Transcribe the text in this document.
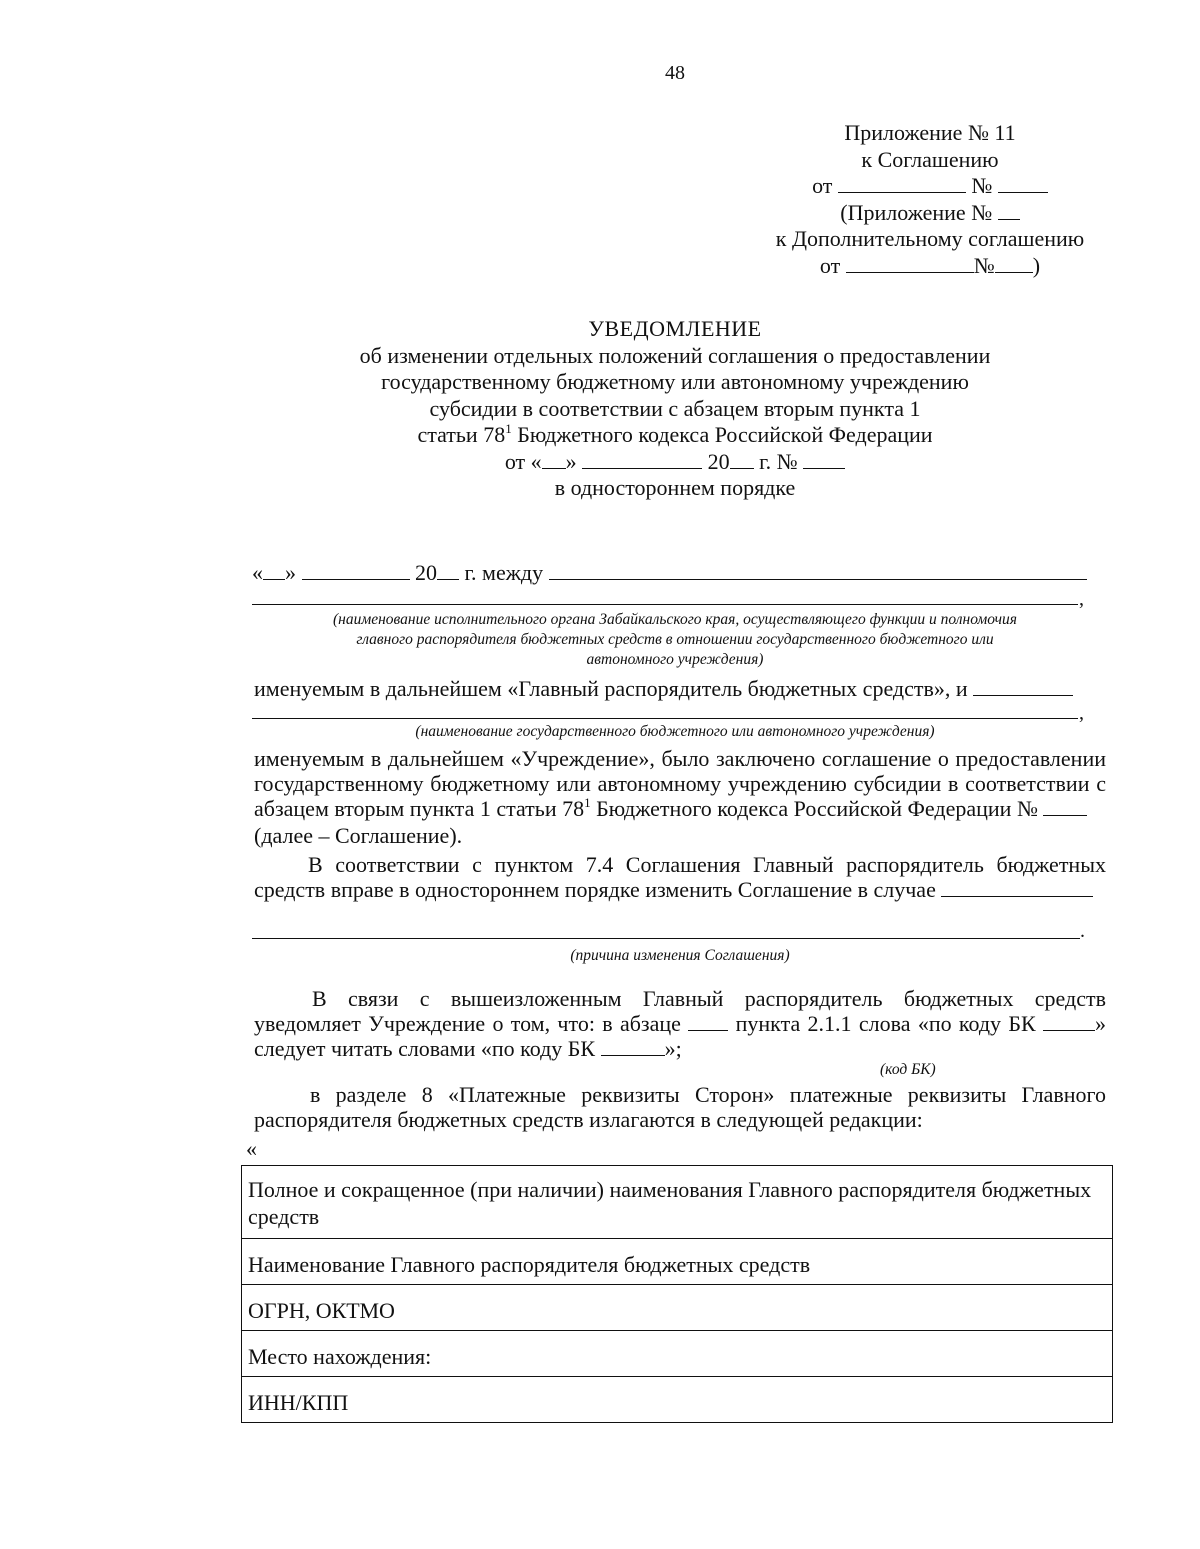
48
Приложение № 11
к Соглашению
от	№
(Приложение №
к Дополнительному соглашению
от	№ )
УВЕДОМЛЕНИЕ
об изменении отдельных положений соглашения о предоставлении
государственному бюджетному или автономному учреждению
субсидии в соответствии с абзацем вторым пункта 1
статьи $78^1$ Бюджетного кодекса Российской Федерации
от « »	20 г. №
в одностороннем порядке
« »	20 г. между
,
(наименование исполнительного органа Забайкальского края, осуществляющего функции и полномочия
главного распорядителя бюджетных средств в отношении государственного бюджетного или
автономного учреждения)
именуемым в дальнейшем «Главный распорядитель бюджетных средств», и
,
(наименование государственного бюджетного или автономного учреждения)
именуемым в дальнейшем «Учреждение», было заключено соглашение о предоставлении
государственному бюджетному или автономному учреждению субсидии в соответствии с
абзацем вторым пункта 1 статьи $78^1$ Бюджетного кодекса Российской Федерации №
(далее – Соглашение).
В соответствии с пунктом 7.4 Соглашения Главный распорядитель бюджетных
средств вправе в одностороннем порядке изменить Соглашение в случае
.
(причина изменения Соглашения)
В связи с вышеизложенным Главный распорядитель бюджетных средств
уведомляет Учреждение о том, что: в абзаце пункта 2.1.1 слова «по коду БК	»
следует читать словами «по коду БК	»;
(код БК)
в разделе 8 «Платежные реквизиты Сторон» платежные реквизиты Главного
распорядителя бюджетных средств излагаются в следующей редакции:
«
Полное и сокращенное (при наличии) наименования Главного распорядителя бюджетных средств
Наименование Главного распорядителя бюджетных средств
ОГРН, ОКТМО
Место нахождения:
ИНН/КПП
